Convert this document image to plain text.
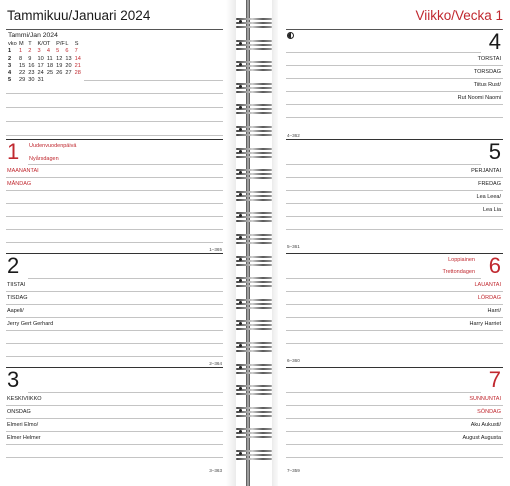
Tammikuu/Januari 2024
Tammi/Jan 2024
vko M T	K/O T	P/F L	S
1	1	2	3	4	5	6	7
2	8	9	10 11 12 13 14
3	15 16 17 18 19 20 21
4	22 23 24 25 26 27 28
5	29 30 31
1 Uudenvuodenpäivä
Nyårsdagen
MAANANTAI
MÅNDAG
1–365
2
TIISTAI
TISDAG
Aapeli/
Jerry Gert Gerhard
2–364
3
KESKIVIIKKO
ONSDAG
Elmeri Elmo/
Elmer Helmer
3–363
Viikko/Vecka 1
4
TORSTAI
TORSDAG
Tiitus Rust/
Rut Noomi Naomi
4–362
5
PERJANTAI
FREDAG
Lea Leea/
Lea Lia
5–361
6
Loppiainen
Trettondagen
LAUANTAI
LÖRDAG
Harri/
Harry Harriet
6–360
7
SUNNUNTAI
SÖNDAG
Aku Aukusti/
August Augusta
7–359
